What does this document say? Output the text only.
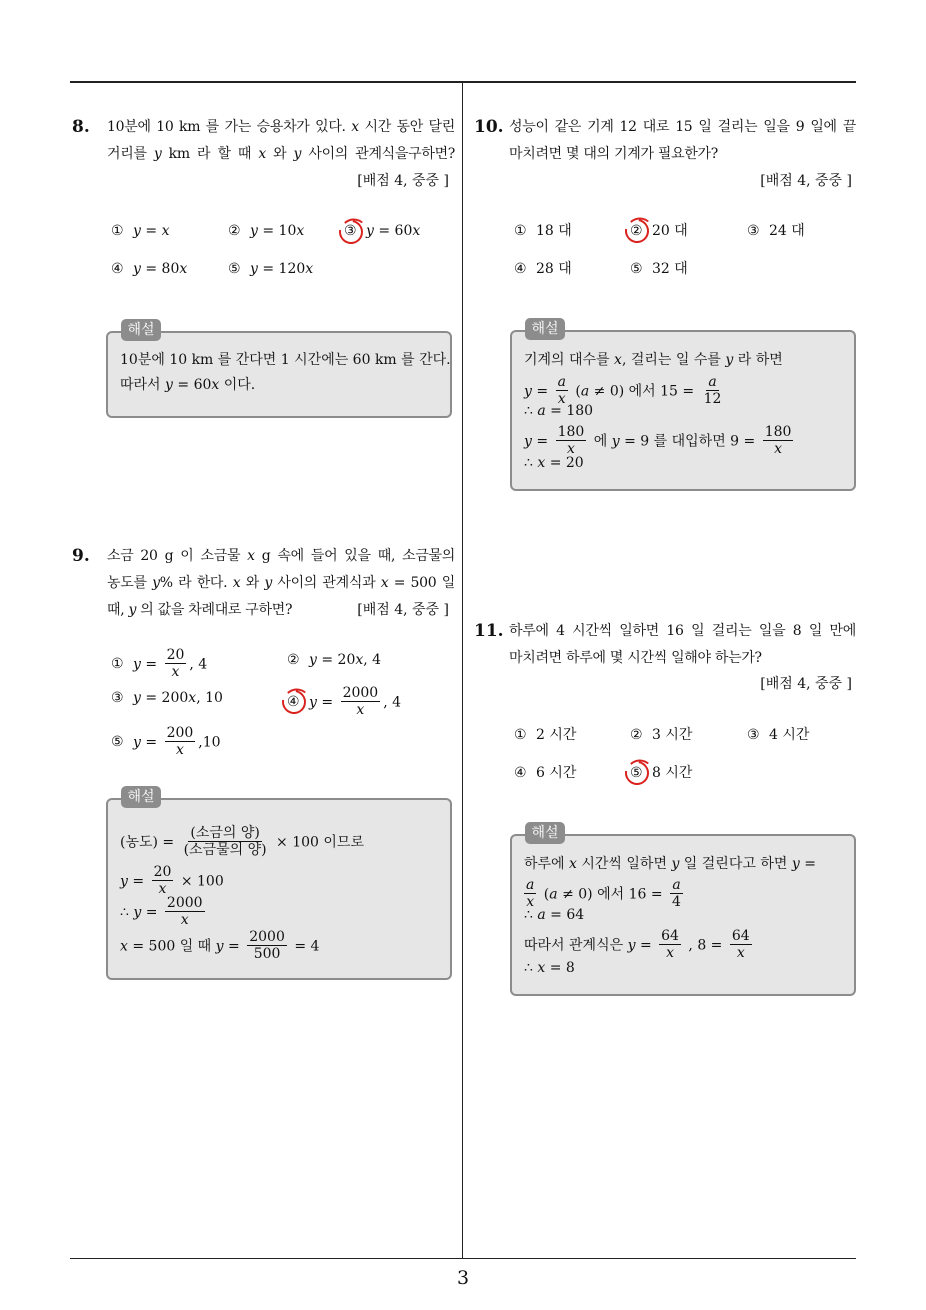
8. 10분에 10 km 를 가는 승용차가 있다. x 시간 동안 달린
거리를 y km 라 할 때 x 와 y 사이의 관계식을구하면?
[배점 4, 중중 ]
① y = x	② y = 10x	③ y = 60x
④ y = 80x	⑤ y = 120x
10분에 10 km 를 간다면 1 시간에는 60 km 를 간다.
따라서 y = 60x 이다.
해설
9. 소금 20 g 이 소금물 x g 속에 들어 있을 때, 소금물의
농도를 y% 라 한다. x 와 y 사이의 관계식과 x = 500 일
때, y 의 값을 차례대로 구하면?	[배점 4, 중중 ]
① $y = \frac{20}{x}$ , 4	② y = 20x, 4
③ y = 200x, 10	④ $y = \frac{2000}{x}$ , 4
⑤ $y = \frac{200}{x} ,10$
(농도) = $\frac{\text{(소금의 양)}}{\text{(소금물의 양)}} \times 100$ 이므로
$y = \frac{20}{x} \times 100$
∴ $y = \frac{2000}{x}$
x = 500 일 때 $y = \frac{2000}{500} = 4$
해설
10. 성능이 같은 기계 12 대로 15 일 걸리는 일을 9 일에 끝
마치려면 몇 대의 기계가 필요한가?
[배점 4, 중중 ]
① 18 대	② 20 대	③ 24 대
④ 28 대	⑤ 32 대
기계의 대수를 x, 걸리는 일 수를 y 라 하면
$y = \frac{a}{x} (a \ne 0)$ 에서 $15 = \frac{a}{12}$
∴ a = 180
$y = \frac{180}{x}$ 에 y = 9 를 대입하면 $9 = \frac{180}{x}$
∴ x = 20
해설
11. 하루에 4 시간씩 일하면 16 일 걸리는 일을 8 일 만에
마치려면 하루에 몇 시간씩 일해야 하는가?
[배점 4, 중중 ]
① 2 시간	② 3 시간	③ 4 시간
④ 6 시간	⑤ 8 시간
하루에 x 시간씩 일하면 y 일 걸린다고 하면 y =
$\frac{a}{x} (a \ne 0)$ 에서 $16 = \frac{a}{4}$
∴ a = 64
따라서 관계식은 $y = \frac{64}{x}$ , $8 = \frac{64}{x}$
∴ x = 8
해설
3
